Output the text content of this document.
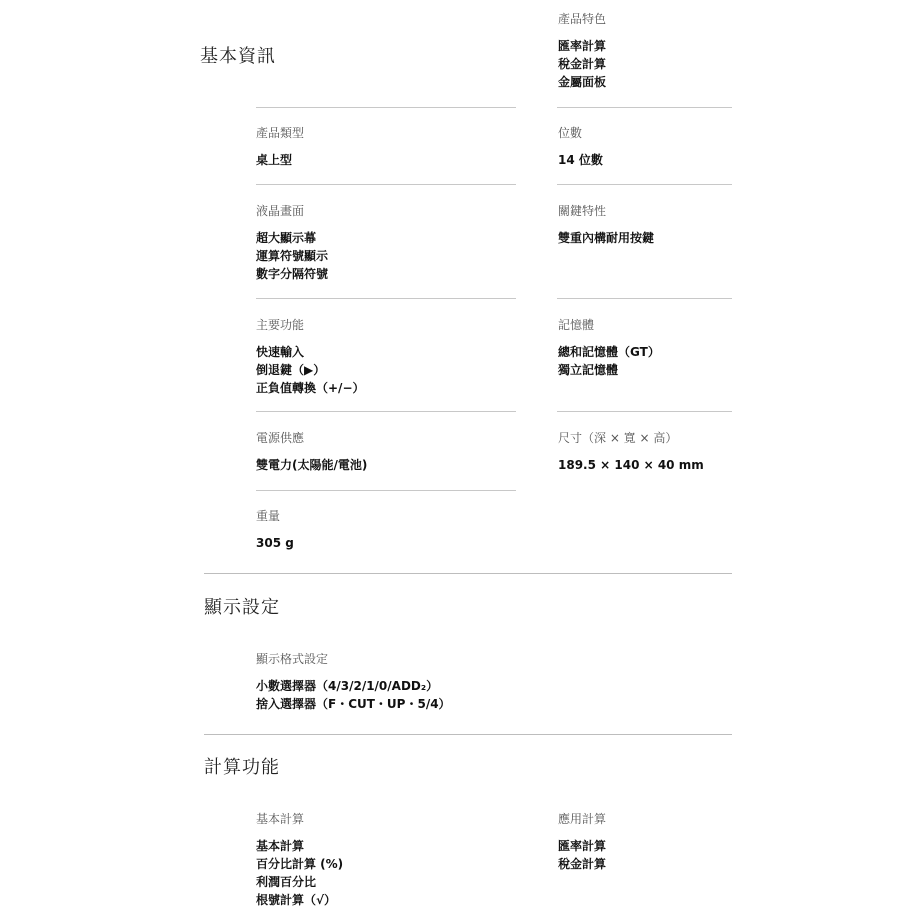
基本資訊
顯示設定
計算功能
產品特色
匯率計算
稅金計算
金屬面板
產品類型
桌上型
位數
14 位數
液晶畫面
超大顯示幕
運算符號顯示
數字分隔符號
關鍵特性
雙重內構耐用按鍵
主要功能
快速輸入
倒退鍵（▶）
正負值轉換（+/−）
記憶體
總和記憶體（GT）
獨立記憶體
電源供應
雙電力(太陽能/電池)
尺寸（深 × 寬 × 高）
189.5 × 140 × 40 mm
重量
305 g
顯示格式設定
小數選擇器（4/3/2/1/0/ADD₂）
捨入選擇器（F・CUT・UP・5/4）
基本計算
基本計算
百分比計算 (%)
利潤百分比
根號計算（√）
應用計算
匯率計算
稅金計算
